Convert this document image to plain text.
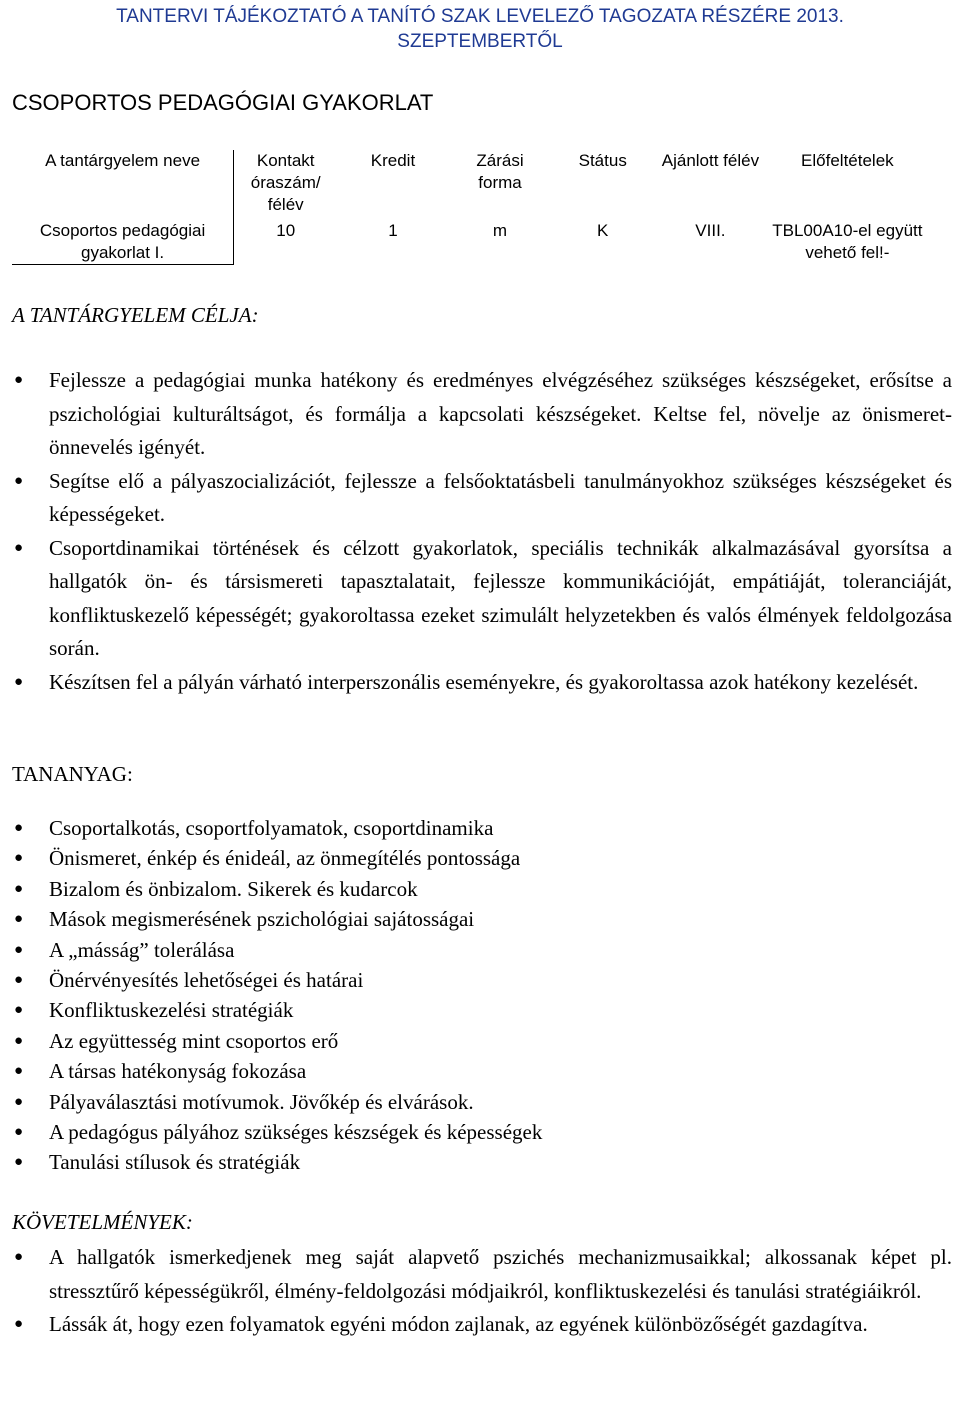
TANTERVI TÁJÉKOZTATÓ A TANÍTÓ SZAK LEVELEZŐ TAGOZATA RÉSZÉRE 2013.
SZEPTEMBERTŐL
CSOPORTOS PEDAGÓGIAI GYAKORLAT
A tantárgyelem neve	Kontakt óraszám/ félév	Kredit	Zárási forma	Státus	Ajánlott félév	Előfeltételek
Csoportos pedagógiai gyakorlat I.	10	1	m	K	VIII.	TBL00A10-el együtt vehető fel!-
A TANTÁRGYELEM CÉLJA:
● Fejlessze a pedagógiai munka hatékony és eredményes elvégzéséhez szükséges készségeket, erősítse a pszichológiai kulturáltságot, és formálja a kapcsolati készségeket. Keltse fel, növelje az önismeret-önnevelés igényét.
● Segítse elő a pályaszocializációt, fejlessze a felsőoktatásbeli tanulmányokhoz szükséges készségeket és képességeket.
● Csoportdinamikai történések és célzott gyakorlatok, speciális technikák alkalmazásával gyorsítsa a hallgatók ön- és társismereti tapasztalatait, fejlessze kommunikációját, empátiáját, toleranciáját, konfliktuskezelő képességét; gyakoroltassa ezeket szimulált helyzetekben és valós élmények feldolgozása során.
● Készítsen fel a pályán várható interperszonális eseményekre, és gyakoroltassa azok hatékony kezelését.
TANANYAG:
● Csoportalkotás, csoportfolyamatok, csoportdinamika
● Önismeret, énkép és énideál, az önmegítélés pontossága
● Bizalom és önbizalom. Sikerek és kudarcok
● Mások megismerésének pszichológiai sajátosságai
● A „másság” tolerálása
● Önérvényesítés lehetőségei és határai
● Konfliktuskezelési stratégiák
● Az együttesség mint csoportos erő
● A társas hatékonyság fokozása
● Pályaválasztási motívumok. Jövőkép és elvárások.
● A pedagógus pályához szükséges készségek és képességek
● Tanulási stílusok és stratégiák
KÖVETELMÉNYEK:
● A hallgatók ismerkedjenek meg saját alapvető pszichés mechanizmusaikkal; alkossanak képet pl. stressztűrő képességükről, élmény-feldolgozási módjaikról, konfliktuskezelési és tanulási stratégiáikról.
● Lássák át, hogy ezen folyamatok egyéni módon zajlanak, az egyének különbözőségét gazdagítva.
